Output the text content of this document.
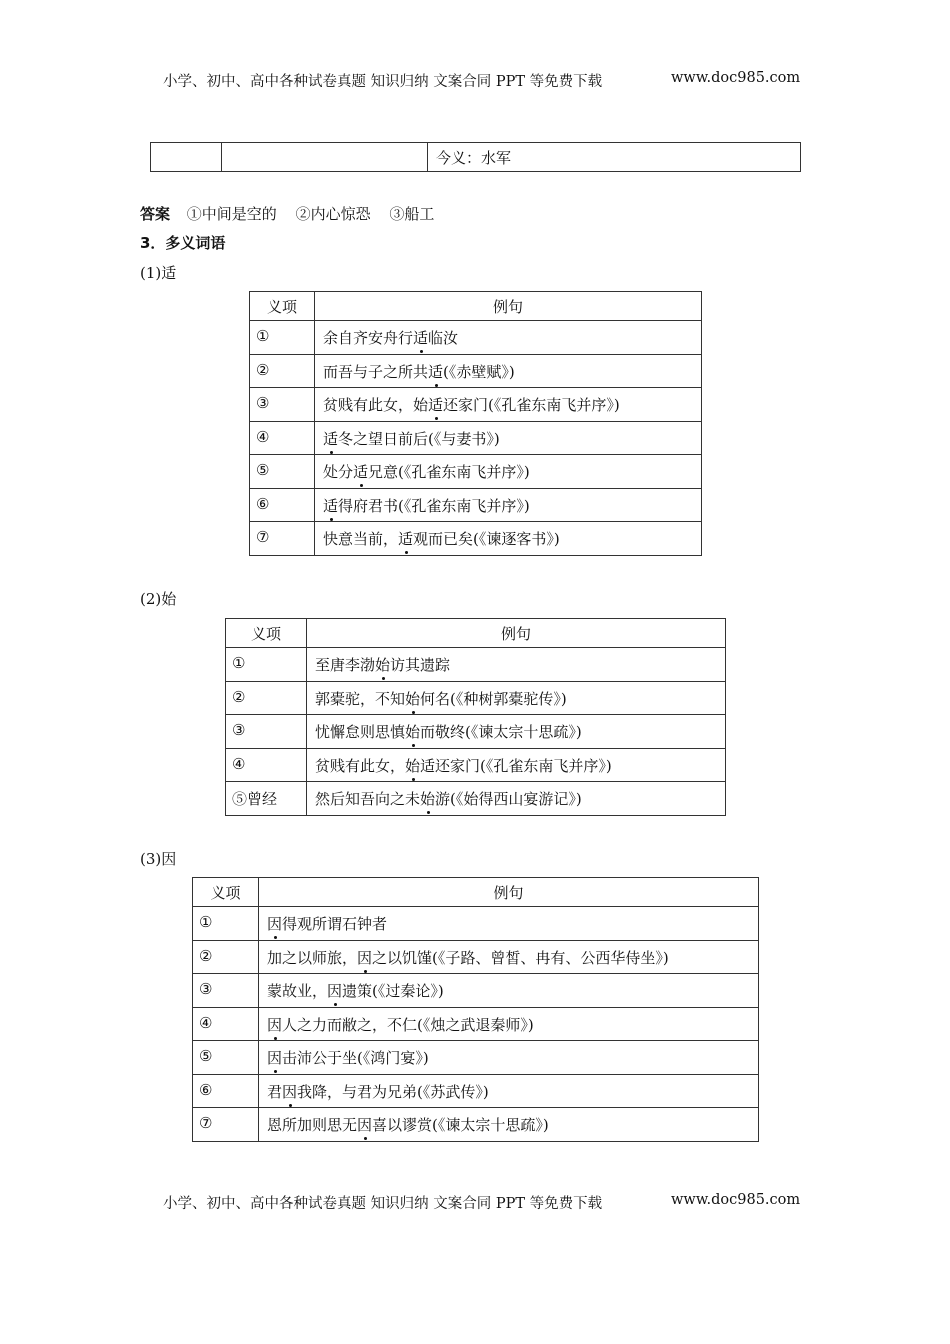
小学、初中、高中各种试卷真题 知识归纳 文案合同 PPT 等免费下载	www.doc985.com
		今义：水军
答案 ①中间是空的 ②内心惊恐 ③船工
3．多义词语
(1)适
义项	例句
①	余自齐安舟行适临汝
②	而吾与子之所共适(《赤壁赋》)
③	贫贱有此女，始适还家门(《孔雀东南飞并序》)
④	适冬之望日前后(《与妻书》)
⑤	处分适兄意(《孔雀东南飞并序》)
⑥	适得府君书(《孔雀东南飞并序》)
⑦	快意当前，适观而已矣(《谏逐客书》)
(2)始
义项	例句
①	至唐李渤始访其遗踪
②	郭橐驼，不知始何名(《种树郭橐驼传》)
③	忧懈怠则思慎始而敬终(《谏太宗十思疏》)
④	贫贱有此女，始适还家门(《孔雀东南飞并序》)
⑤曾经	然后知吾向之未始游(《始得西山宴游记》)
(3)因
义项	例句
①	因得观所谓石钟者
②	加之以师旅，因之以饥馑(《子路、曾皙、冉有、公西华侍坐》)
③	蒙故业，因遗策(《过秦论》)
④	因人之力而敝之，不仁(《烛之武退秦师》)
⑤	因击沛公于坐(《鸿门宴》)
⑥	君因我降，与君为兄弟(《苏武传》)
⑦	恩所加则思无因喜以谬赏(《谏太宗十思疏》)
小学、初中、高中各种试卷真题 知识归纳 文案合同 PPT 等免费下载	www.doc985.com
